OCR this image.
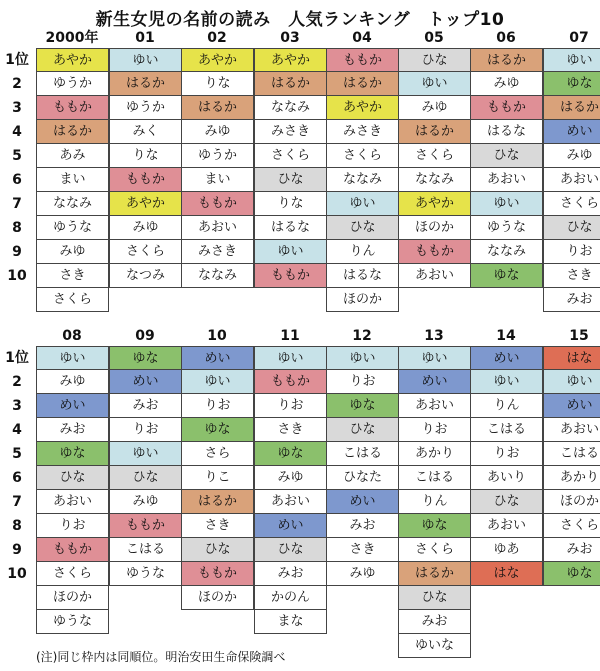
新生女児の名前の読み　人気ランキング　トップ10
1位
2
3
4
5
6
7
8
9
10
2000年
あやか
ゆうか
ももか
はるか
あみ
まい
ななみ
ゆうな
みゆ
さき
さくら
01
ゆい
はるか
ゆうか
みく
りな
ももか
あやか
みゆ
さくら
なつみ
02
あやか
りな
はるか
みゆ
ゆうか
まい
ももか
あおい
みさき
ななみ
03
あやか
はるか
ななみ
みさき
さくら
ひな
りな
はるな
ゆい
ももか
04
ももか
はるか
あやか
みさき
さくら
ななみ
ゆい
ひな
りん
はるな
ほのか
05
ひな
ゆい
みゆ
はるか
さくら
ななみ
あやか
ほのか
ももか
あおい
06
はるか
みゆ
ももか
はるな
ひな
あおい
ゆい
ゆうな
ななみ
ゆな
07
ゆい
ゆな
はるか
めい
みゆ
あおい
さくら
ひな
りお
さき
みお
1位
2
3
4
5
6
7
8
9
10
08
ゆい
みゆ
めい
みお
ゆな
ひな
あおい
りお
ももか
さくら
ほのか
ゆうな
09
ゆな
めい
みお
りお
ゆい
ひな
みゆ
ももか
こはる
ゆうな
10
めい
ゆい
りお
ゆな
さら
りこ
はるか
さき
ひな
ももか
ほのか
11
ゆい
ももか
りお
さき
ゆな
みゆ
あおい
めい
ひな
みお
かのん
まな
12
ゆい
りお
ゆな
ひな
こはる
ひなた
めい
みお
さき
みゆ
13
ゆい
めい
あおい
りお
あかり
こはる
りん
ゆな
さくら
はるか
ひな
みお
ゆいな
14
めい
ゆい
りん
こはる
りお
あいり
ひな
あおい
ゆあ
はな
15
はな
ゆい
めい
あおい
こはる
あかり
ほのか
さくら
みお
ゆな
(注)同じ枠内は同順位。明治安田生命保険調べ
